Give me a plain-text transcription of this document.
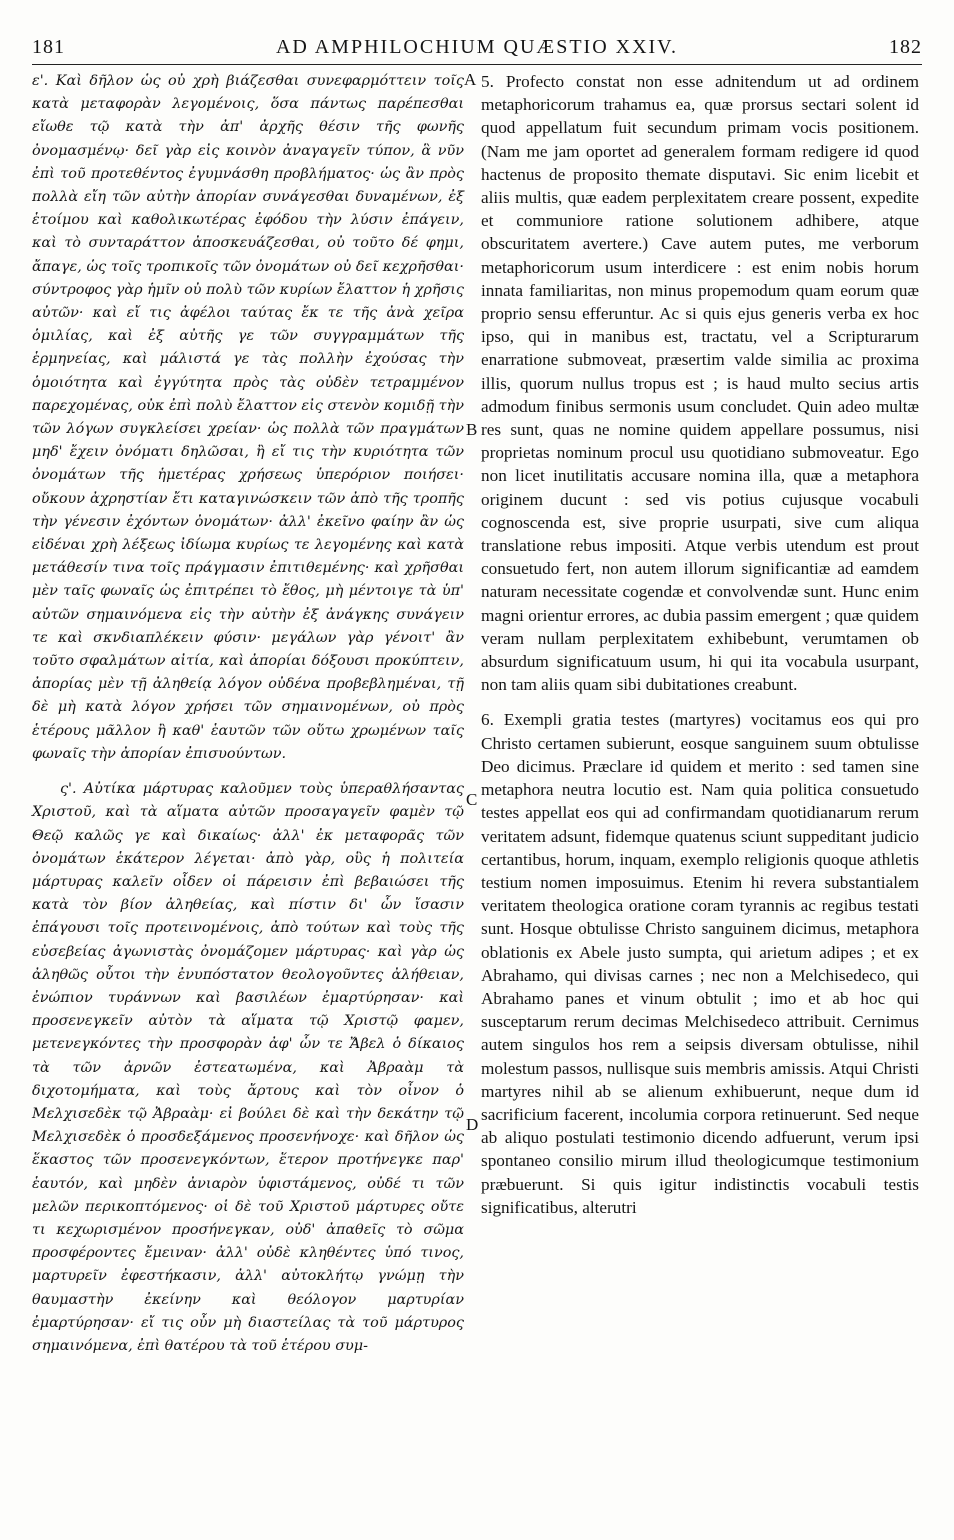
181	AD AMPHILOCHIUM QUÆSTIO XXIV.	182

ε'. Καὶ δῆλον ὡς οὐ χρὴ βιάζεσθαι συνεφαρμόττειν τοῖς κατὰ μεταφορὰν λεγομένοις, ὅσα πάντως παρέπεσθαι εἴωθε τῷ κατὰ τὴν ἀπ' ἀρχῆς θέσιν τῆς φωνῆς ὀνομασμένῳ· δεῖ γὰρ εἰς κοινὸν ἀναγαγεῖν τύπον, ἃ νῦν ἐπὶ τοῦ προτεθέντος ἐγυμνάσθη προβλήματος· ὡς ἂν πρὸς πολλὰ εἴη τῶν αὐτὴν ἀπορίαν συνάγεσθαι δυναμένων, ἐξ ἑτοίμου καὶ καθολικωτέρας ἐφόδου τὴν λύσιν ἐπάγειν, καὶ τὸ συνταράττον ἀποσκευάζεσθαι, οὐ τοῦτο δέ φημι, ἄπαγε, ὡς τοῖς τροπικοῖς τῶν ὀνομάτων οὐ δεῖ κεχρῆσθαι· σύντροφος γὰρ ἡμῖν οὐ πολὺ τῶν κυρίων ἔλαττον ἡ χρῆσις αὐτῶν· καὶ εἴ τις ἀφέλοι ταύτας ἔκ τε τῆς ἀνὰ χεῖρα ὁμιλίας, καὶ ἐξ αὐτῆς γε τῶν συγγραμμάτων τῆς ἑρμηνείας, καὶ μάλιστά γε τὰς πολλὴν ἐχούσας τὴν ὁμοιότητα καὶ ἐγγύτητα πρὸς τὰς οὐδὲν τετραμμένον παρεχομένας, οὐκ ἐπὶ πολὺ ἔλαττον εἰς στενὸν κομιδῇ τὴν τῶν λόγων συγκλείσει χρείαν· ὡς πολλὰ τῶν πραγμάτων μηδ' ἔχειν ὀνόματι δηλῶσαι, ἢ εἴ τις τὴν κυριότητα τῶν ὀνομάτων τῆς ἡμετέρας χρήσεως ὑπερόριον ποιήσει· οὔκουν ἀχρηστίαν ἔτι καταγινώσκειν τῶν ἀπὸ τῆς τροπῆς τὴν γένεσιν ἐχόντων ὀνομάτων· ἀλλ' ἐκεῖνο φαίην ἂν ὡς εἰδέναι χρὴ λέξεως ἰδίωμα κυρίως τε λεγομένης καὶ κατὰ μετάθεσίν τινα τοῖς πράγμασιν ἐπιτιθεμένης· καὶ χρῆσθαι μὲν ταῖς φωναῖς ὡς ἐπιτρέπει τὸ ἔθος, μὴ μέντοιγε τὰ ὑπ' αὐτῶν σημαινόμενα εἰς τὴν αὐτὴν ἐξ ἀνάγκης συνάγειν τε καὶ σκνδιαπλέκειν φύσιν· μεγάλων γὰρ γένοιτ' ἂν τοῦτο σφαλμάτων αἰτία, καὶ ἀπορίαι δόξουσι προκύπτειν, ἀπορίας μὲν τῇ ἀληθείᾳ λόγον οὐδένα προβεβλημέναι, τῇ δὲ μὴ κατὰ λόγον χρήσει τῶν σημαινομένων, οὐ πρὸς ἑτέρους μᾶλλον ἢ καθ' ἑαυτῶν τῶν οὕτω χρωμένων ταῖς φωναῖς τὴν ἀπορίαν ἐπισυούντων.

ς'. Αὐτίκα μάρτυρας καλοῦμεν τοὺς ὑπεραθλήσαντας Χριστοῦ, καὶ τὰ αἵματα αὐτῶν προσαγαγεῖν φαμὲν τῷ Θεῷ καλῶς γε καὶ δικαίως· ἀλλ' ἐκ μεταφορᾶς τῶν ὀνομάτων ἑκάτερον λέγεται· ἀπὸ γὰρ, οὓς ἡ πολιτεία μάρτυρας καλεῖν οἶδεν οἱ πάρεισιν ἐπὶ βεβαιώσει τῆς κατὰ τὸν βίον ἀληθείας, καὶ πίστιν δι' ὧν ἴσασιν ἐπάγουσι τοῖς προτεινομένοις, ἀπὸ τούτων καὶ τοὺς τῆς εὐσεβείας ἀγωνιστὰς ὀνομάζομεν μάρτυρας· καὶ γὰρ ὡς ἀληθῶς οὗτοι τὴν ἐνυπόστατον θεολογοῦντες ἀλήθειαν, ἐνώπιον τυράννων καὶ βασιλέων ἐμαρτύρησαν· καὶ προσενεγκεῖν αὐτὸν τὰ αἵματα τῷ Χριστῷ φαμεν, μετενεγκόντες τὴν προσφορὰν ἀφ' ὧν τε Ἄβελ ὁ δίκαιος τὰ τῶν ἀρνῶν ἐστεατωμένα, καὶ Ἀβραὰμ τὰ διχοτομήματα, καὶ τοὺς ἄρτους καὶ τὸν οἶνον ὁ Μελχισεδὲκ τῷ Ἀβραὰμ· εἰ βούλει δὲ καὶ τὴν δεκάτην τῷ Μελχισεδὲκ ὁ προσδεξάμενος προσενήνοχε· καὶ δῆλον ὡς ἕκαστος τῶν προσενεγκόντων, ἕτερον προτήνεγκε παρ' ἑαυτόν, καὶ μηδὲν ἀνιαρὸν ὑφιστάμενος, οὐδέ τι τῶν μελῶν περικοπτόμενος· οἱ δὲ τοῦ Χριστοῦ μάρτυρες οὔτε τι κεχωρισμένον προσήνεγκαν, οὐδ' ἀπαθεῖς τὸ σῶμα προσφέροντες ἔμειναν· ἀλλ' οὐδὲ κληθέντες ὑπό τινος, μαρτυρεῖν ἐφεστήκασιν, ἀλλ' αὐτοκλήτῳ γνώμῃ τὴν θαυμαστὴν ἐκείνην καὶ θεόλογον μαρτυρίαν ἐμαρτύρησαν· εἴ τις οὖν μὴ διαστείλας τὰ τοῦ μάρτυρος σημαινόμενα, ἐπὶ θατέρου τὰ τοῦ ἑτέρου συμ-

A
B
C
D

5. Profecto constat non esse adnitendum ut ad ordinem metaphoricorum trahamus ea, quæ prorsus sectari solent id quod appellatum fuit secundum primam vocis positionem. (Nam me jam oportet ad generalem formam redigere id quod hactenus de proposito themate disputavi. Sic enim licebit et aliis multis, quæ eadem perplexitatem creare possent, expedite et communiore ratione solutionem adhibere, atque obscuritatem avertere.) Cave autem putes, me verborum metaphoricorum usum interdicere : est enim nobis horum innata familiaritas, non minus propemodum quam eorum quæ proprio sensu efferuntur. Ac si quis ejus generis verba ex hoc ipso, qui in manibus est, tractatu, vel a Scripturarum enarratione submoveat, præsertim valde similia ac proxima illis, quorum nullus tropus est ; is haud multo secius artis admodum finibus sermonis usum concludet. Quin adeo multæ res sunt, quas ne nomine quidem appellare possumus, nisi proprietas nominum procul usu quotidiano submoveatur. Ego non licet inutilitatis accusare nomina illa, quæ a metaphora originem ducunt : sed vis potius cujusque vocabuli cognoscenda est, sive proprie usurpati, sive cum aliqua translatione rebus impositi. Atque verbis utendum est prout consuetudo fert, non autem illorum significantiæ ad eamdem naturam necessitate cogendæ et convolvendæ sunt. Hunc enim magni orientur errores, ac dubia passim emergent ; quæ quidem veram nullam perplexitatem exhibebunt, verumtamen ob absurdum significatuum usum, hi qui ita vocabula usurpant, non tam aliis quam sibi dubitationes creabunt.

6. Exempli gratia testes (martyres) vocitamus eos qui pro Christo certamen subierunt, eosque sanguinem suum obtulisse Deo dicimus. Præclare id quidem et merito : sed tamen sine metaphora neutra locutio est. Nam quia politica consuetudo testes appellat eos qui ad confirmandam quotidianarum rerum veritatem adsunt, fidemque quatenus sciunt suppeditant judicio certantibus, horum, inquam, exemplo religionis quoque athletis testium nomen imposuimus. Etenim hi revera substantialem veritatem theologica oratione coram tyrannis ac regibus testati sunt. Hosque obtulisse Christo sanguinem dicimus, metaphora oblationis ex Abele justo sumpta, qui arietum adipes ; et ex Abrahamo, qui divisas carnes ; nec non a Melchisedeco, qui Abrahamo panes et vinum obtulit ; imo et ab hoc qui susceptarum rerum decimas Melchisedeco attribuit. Cernimus autem singulos hos rem a seipsis diversam obtulisse, nihil molestum passos, nullisque suis membris amissis. Atqui Christi martyres nihil ab se alienum exhibuerunt, neque dum id sacrificium facerent, incolumia corpora retinuerunt. Sed neque ab aliquo postulati testimonio dicendo adfuerunt, verum ipsi spontaneo consilio mirum illud theologicumque testimonium præbuerunt. Si quis igitur indistinctis vocabuli testis significatibus, alterutri
